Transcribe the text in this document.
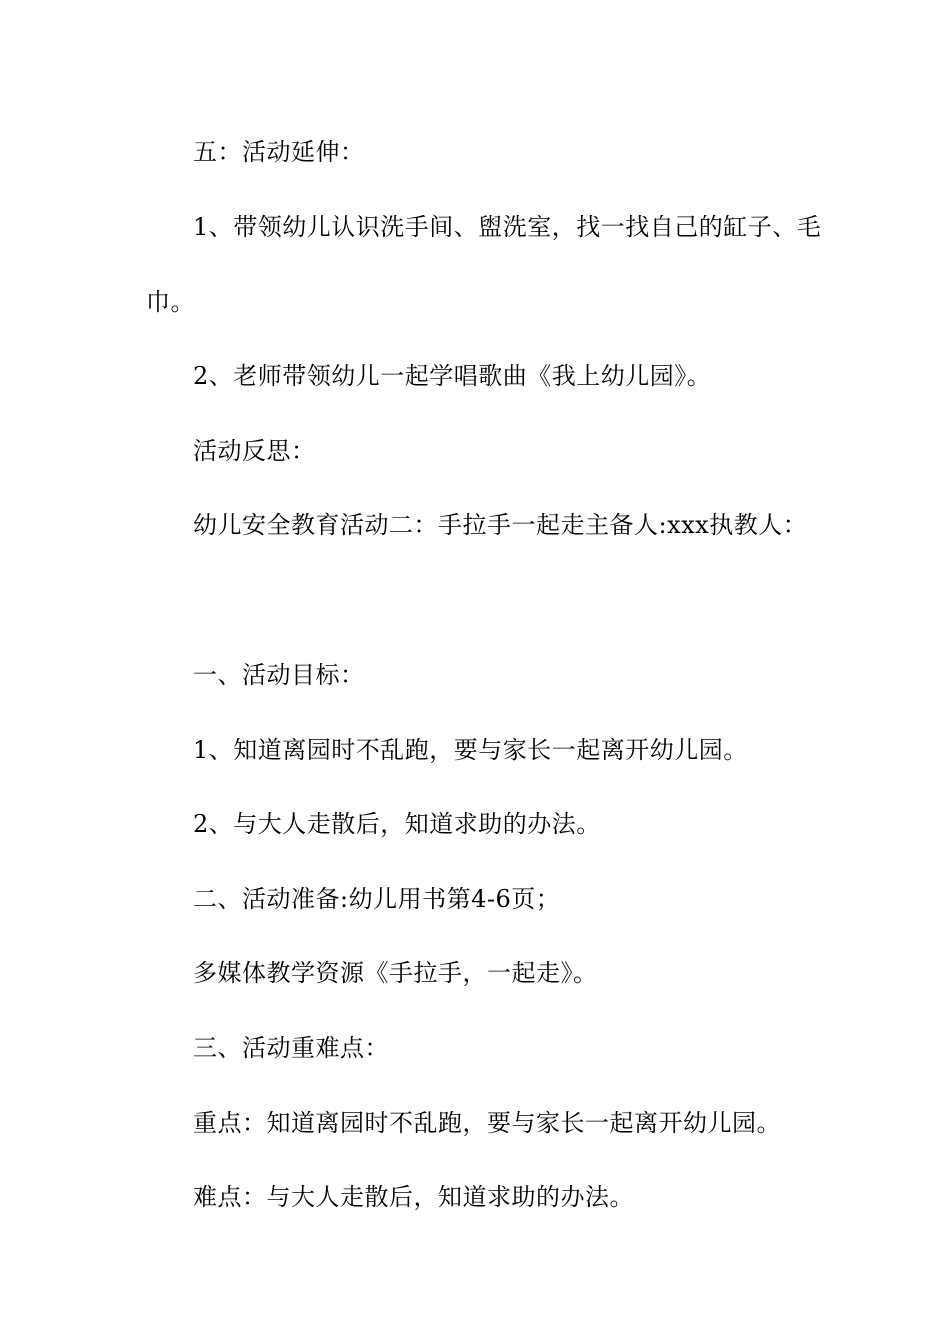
五：活动延伸：
1、带领幼儿认识洗手间、盥洗室，找一找自己的缸子、毛
巾。
2、老师带领幼儿一起学唱歌曲《我上幼儿园》。
活动反思：
幼儿安全教育活动二：手拉手一起走主备人:xxx执教人：
一、活动目标：
1、知道离园时不乱跑，要与家长一起离开幼儿园。
2、与大人走散后，知道求助的办法。
二、活动准备:幼儿用书第4-6页；
多媒体教学资源《手拉手，一起走》。
三、活动重难点：
重点：知道离园时不乱跑，要与家长一起离开幼儿园。
难点：与大人走散后，知道求助的办法。
